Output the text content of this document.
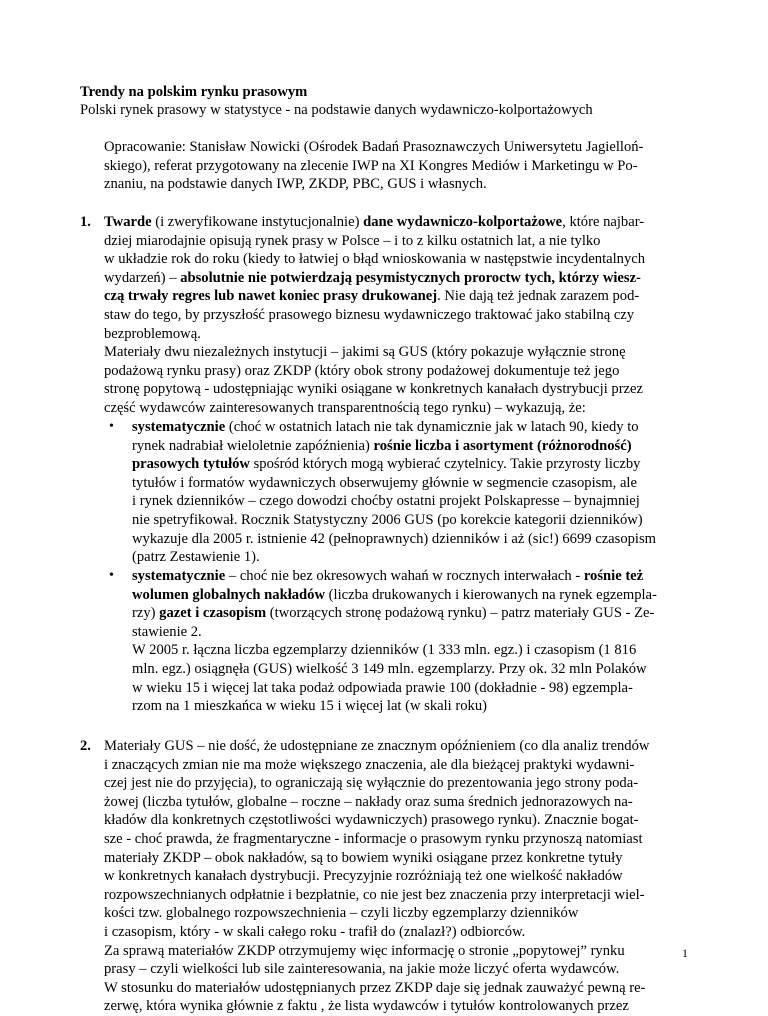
Trendy na polskim rynku prasowym
Polski rynek prasowy w statystyce - na podstawie danych wydawniczo-kolportażowych
Opracowanie: Stanisław Nowicki (Ośrodek Badań Prasoznawczych Uniwersytetu Jagielloń-
skiego), referat przygotowany na zlecenie IWP na XI Kongres Mediów i Marketingu w Po-
znaniu, na podstawie danych IWP, ZKDP, PBC, GUS i własnych.
1. Twarde (i zweryfikowane instytucjonalnie) dane wydawniczo-kolportażowe, które najbar-
dziej miarodajnie opisują rynek prasy w Polsce – i to z kilku ostatnich lat, a nie tylko
w układzie rok do roku (kiedy to łatwiej o błąd wnioskowania w następstwie incydentalnych
wydarzeń) – absolutnie nie potwierdzają pesymistycznych proroctw tych, którzy wiesz-
czą trwały regres lub nawet koniec prasy drukowanej. Nie dają też jednak zarazem pod-
staw do tego, by przyszłość prasowego biznesu wydawniczego traktować jako stabilną czy
bezproblemową.
Materiały dwu niezależnych instytucji – jakimi są GUS (który pokazuje wyłącznie stronę
podażową rynku prasy) oraz ZKDP (który obok strony podażowej dokumentuje też jego
stronę popytową - udostępniając wyniki osiągane w konkretnych kanałach dystrybucji przez
część wydawców zainteresowanych transparentnością tego rynku) – wykazują, że:
• systematycznie (choć w ostatnich latach nie tak dynamicznie jak w latach 90, kiedy to
rynek nadrabiał wieloletnie zapóźnienia) rośnie liczba i asortyment (różnorodność)
prasowych tytułów spośród których mogą wybierać czytelnicy. Takie przyrosty liczby
tytułów i formatów wydawniczych obserwujemy głównie w segmencie czasopism, ale
i rynek dzienników – czego dowodzi choćby ostatni projekt Polskapresse – bynajmniej
nie spetryfikował. Rocznik Statystyczny 2006 GUS (po korekcie kategorii dzienników)
wykazuje dla 2005 r. istnienie 42 (pełnoprawnych) dzienników i aż (sic!) 6699 czasopism
(patrz Zestawienie 1).
• systematycznie – choć nie bez okresowych wahań w rocznych interwałach - rośnie też
wolumen globalnych nakładów (liczba drukowanych i kierowanych na rynek egzempla-
rzy) gazet i czasopism (tworzących stronę podażową rynku) – patrz materiały GUS - Ze-
stawienie 2.
W 2005 r. łączna liczba egzemplarzy dzienników (1 333 mln. egz.) i czasopism (1 816
mln. egz.) osiągnęła (GUS) wielkość 3 149 mln. egzemplarzy. Przy ok. 32 mln Polaków
w wieku 15 i więcej lat taka podaż odpowiada prawie 100 (dokładnie - 98) egzempla-
rzom na 1 mieszkańca w wieku 15 i więcej lat (w skali roku)
2. Materiały GUS – nie dość, że udostępniane ze znacznym opóźnieniem (co dla analiz trendów
i znaczących zmian nie ma może większego znaczenia, ale dla bieżącej praktyki wydawni-
czej jest nie do przyjęcia), to ograniczają się wyłącznie do prezentowania jego strony poda-
żowej (liczba tytułów, globalne – roczne – nakłady oraz suma średnich jednorazowych na-
kładów dla konkretnych częstotliwości wydawniczych) prasowego rynku). Znacznie bogat-
sze - choć prawda, że fragmentaryczne - informacje o prasowym rynku przynoszą natomiast
materiały ZKDP – obok nakładów, są to bowiem wyniki osiągane przez konkretne tytuły
w konkretnych kanałach dystrybucji. Precyzyjnie rozróżniają też one wielkość nakładów
rozpowszechnianych odpłatnie i bezpłatnie, co nie jest bez znaczenia przy interpretacji wiel-
kości tzw. globalnego rozpowszechnienia – czyli liczby egzemplarzy dzienników
i czasopism, który - w skali całego roku - trafił do (znalazł?) odbiorców.
Za sprawą materiałów ZKDP otrzymujemy więc informację o stronie „popytowej” rynku
prasy – czyli wielkości lub sile zainteresowania, na jakie może liczyć oferta wydawców.
W stosunku do materiałów udostępnianych przez ZKDP daje się jednak zauważyć pewną re-
zerwę, która wynika głównie z faktu , że lista wydawców i tytułów kontrolowanych przez
1
